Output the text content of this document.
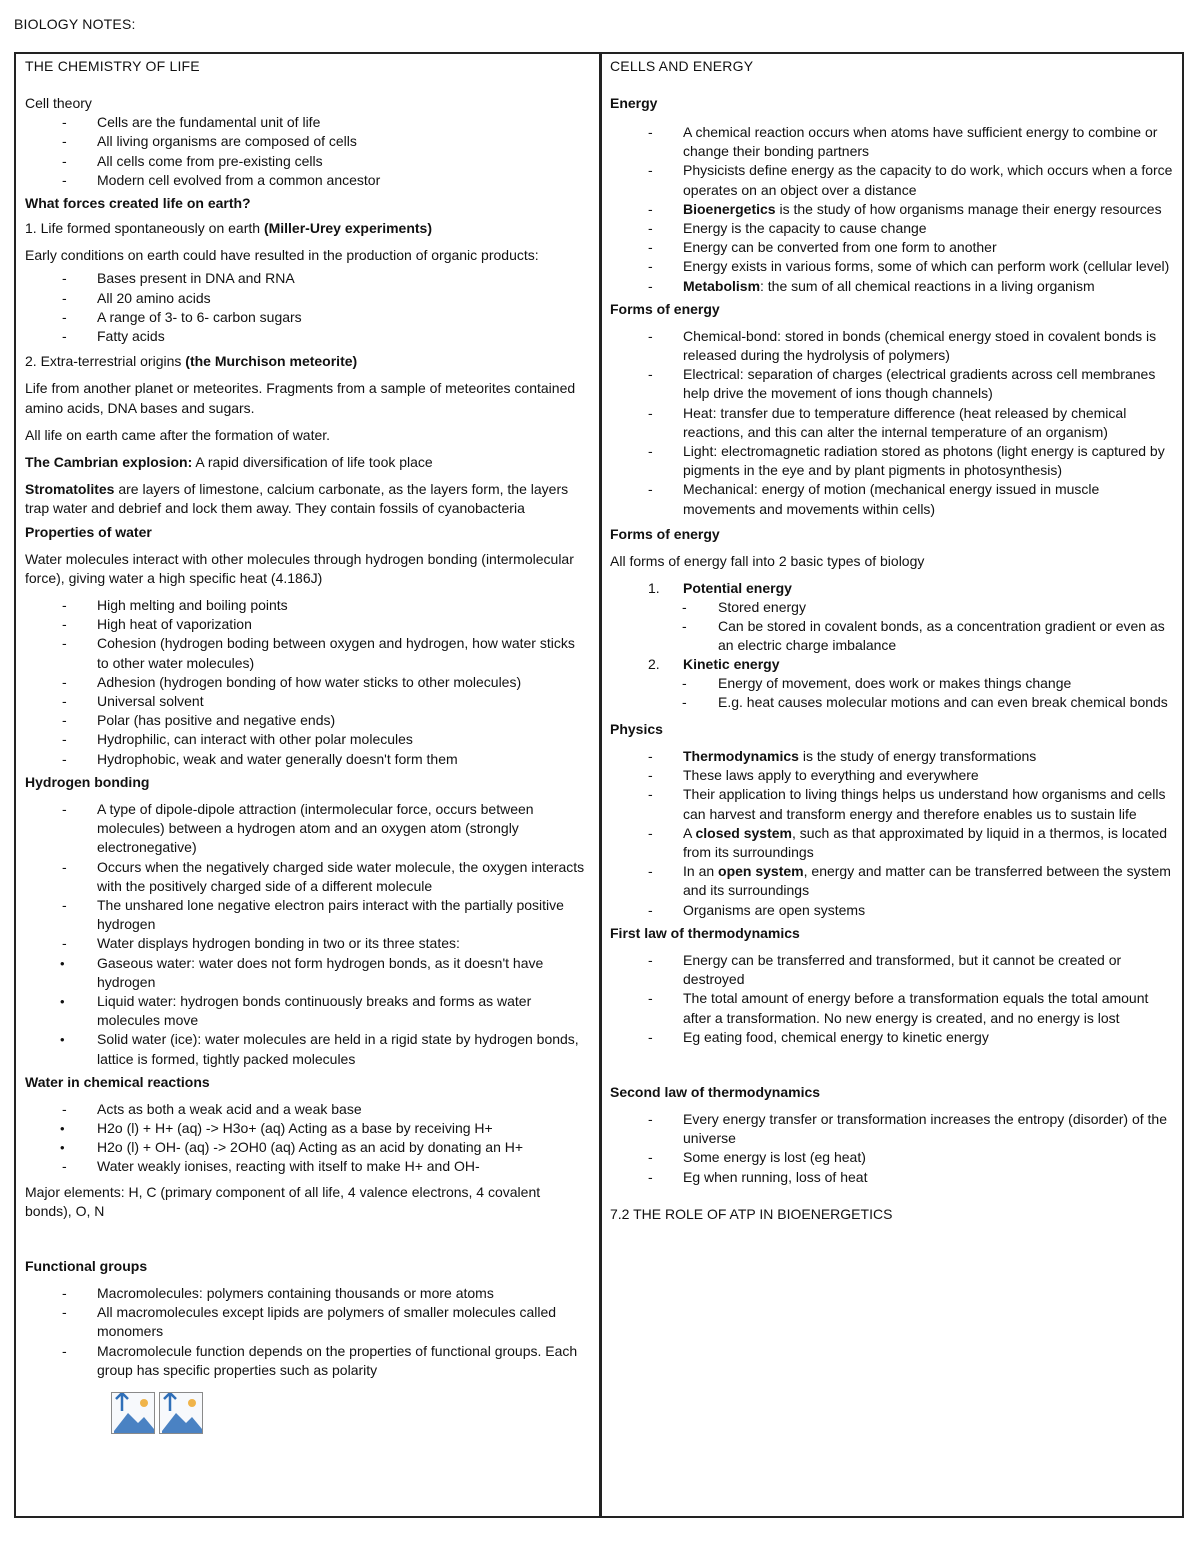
BIOLOGY NOTES:

THE CHEMISTRY OF LIFE

Cell theory

- Cells are the fundamental unit of life
- All living organisms are composed of cells
- All cells come from pre-existing cells
- Modern cell evolved from a common ancestor

What forces created life on earth?

1. Life formed spontaneously on earth (Miller-Urey experiments)

Early conditions on earth could have resulted in the production of organic products:

- Bases present in DNA and RNA
- All 20 amino acids
- A range of 3- to 6- carbon sugars
- Fatty acids

2. Extra-terrestrial origins (the Murchison meteorite)

Life from another planet or meteorites. Fragments from a sample of meteorites contained amino acids, DNA bases and sugars.

All life on earth came after the formation of water.

The Cambrian explosion: A rapid diversification of life took place

Stromatolites are layers of limestone, calcium carbonate, as the layers form, the layers trap water and debrief and lock them away. They contain fossils of cyanobacteria

Properties of water

Water molecules interact with other molecules through hydrogen bonding (intermolecular force), giving water a high specific heat (4.186J)

- High melting and boiling points
- High heat of vaporization
- Cohesion (hydrogen boding between oxygen and hydrogen, how water sticks to other water molecules)
- Adhesion (hydrogen bonding of how water sticks to other molecules)
- Universal solvent
- Polar (has positive and negative ends)
- Hydrophilic, can interact with other polar molecules
- Hydrophobic, weak and water generally doesn't form them

Hydrogen bonding

- A type of dipole-dipole attraction (intermolecular force, occurs between molecules) between a hydrogen atom and an oxygen atom (strongly electronegative)
- Occurs when the negatively charged side water molecule, the oxygen interacts with the positively charged side of a different molecule
- The unshared lone negative electron pairs interact with the partially positive hydrogen
- Water displays hydrogen bonding in two or its three states:
• Gaseous water: water does not form hydrogen bonds, as it doesn't have hydrogen
• Liquid water: hydrogen bonds continuously breaks and forms as water molecules move
• Solid water (ice): water molecules are held in a rigid state by hydrogen bonds, lattice is formed, tightly packed molecules

Water in chemical reactions

- Acts as both a weak acid and a weak base
• H2o (l) + H+ (aq) -> H3o+ (aq) Acting as a base by receiving H+
• H2o (l) + OH- (aq) -> 2OH0 (aq) Acting as an acid by donating an H+
- Water weakly ionises, reacting with itself to make H+ and OH-

Major elements: H, C (primary component of all life, 4 valence electrons, 4 covalent bonds), O, N

Functional groups

- Macromolecules: polymers containing thousands or more atoms
- All macromolecules except lipids are polymers of smaller molecules called monomers
- Macromolecule function depends on the properties of functional groups. Each group has specific properties such as polarity

CELLS AND ENERGY

Energy

- A chemical reaction occurs when atoms have sufficient energy to combine or change their bonding partners
- Physicists define energy as the capacity to do work, which occurs when a force operates on an object over a distance
- Bioenergetics is the study of how organisms manage their energy resources
- Energy is the capacity to cause change
- Energy can be converted from one form to another
- Energy exists in various forms, some of which can perform work (cellular level)
- Metabolism: the sum of all chemical reactions in a living organism

Forms of energy

- Chemical-bond: stored in bonds (chemical energy stoed in covalent bonds is released during the hydrolysis of polymers)
- Electrical: separation of charges (electrical gradients across cell membranes help drive the movement of ions though channels)
- Heat: transfer due to temperature difference (heat released by chemical reactions, and this can alter the internal temperature of an organism)
- Light: electromagnetic radiation stored as photons (light energy is captured by pigments in the eye and by plant pigments in photosynthesis)
- Mechanical: energy of motion (mechanical energy issued in muscle movements and movements within cells)

Forms of energy

All forms of energy fall into 2 basic types of biology

1. Potential energy
- Stored energy
- Can be stored in covalent bonds, as a concentration gradient or even as an electric charge imbalance
2. Kinetic energy
- Energy of movement, does work or makes things change
- E.g. heat causes molecular motions and can even break chemical bonds

Physics

- Thermodynamics is the study of energy transformations
- These laws apply to everything and everywhere
- Their application to living things helps us understand how organisms and cells can harvest and transform energy and therefore enables us to sustain life
- A closed system, such as that approximated by liquid in a thermos, is located from its surroundings
- In an open system, energy and matter can be transferred between the system and its surroundings
- Organisms are open systems

First law of thermodynamics

- Energy can be transferred and transformed, but it cannot be created or destroyed
- The total amount of energy before a transformation equals the total amount after a transformation. No new energy is created, and no energy is lost
- Eg eating food, chemical energy to kinetic energy

Second law of thermodynamics

- Every energy transfer or transformation increases the entropy (disorder) of the universe
- Some energy is lost (eg heat)
- Eg when running, loss of heat

7.2 THE ROLE OF ATP IN BIOENERGETICS
